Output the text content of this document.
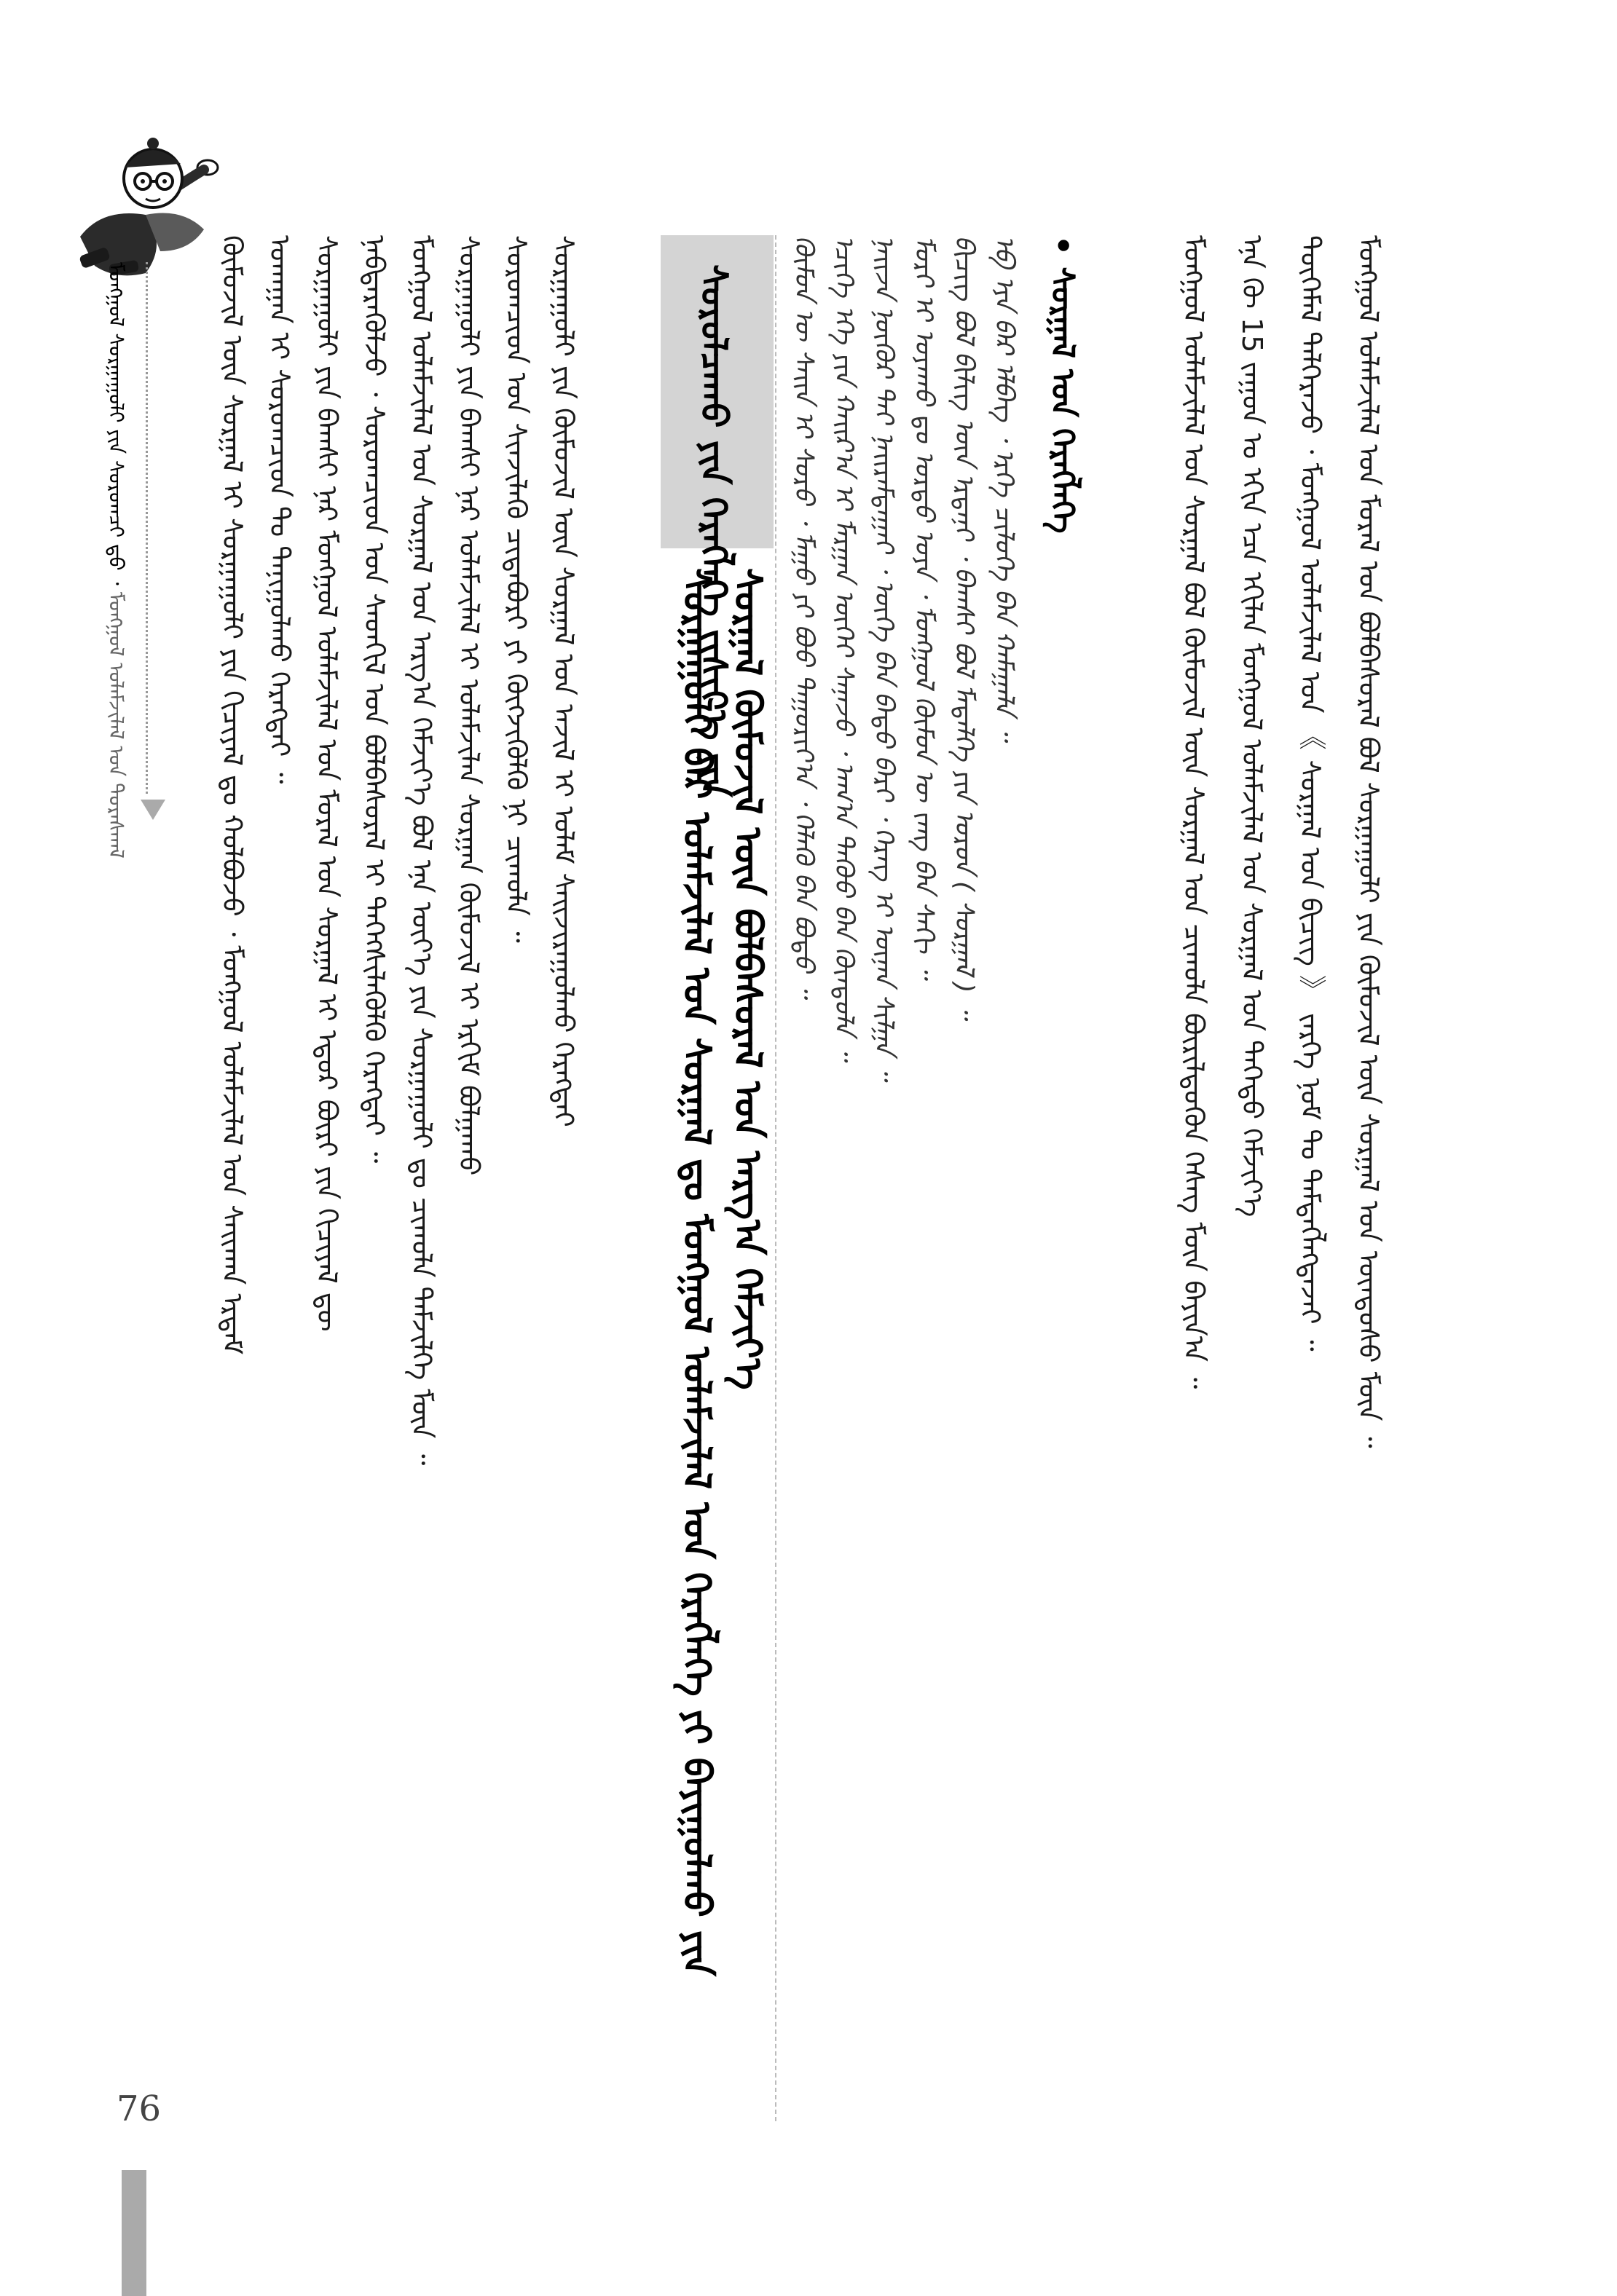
ᠮᠣᠩᠭᠣᠯ ᠰᠤᠷᠭᠠᠭᠤᠯᠢ ᠶᠢᠨ ᠰᠤᠷᠤᠭᠴᠢ ᠳ᠋ᠤ ᠂ ᠮᠣᠩᠭᠣᠯ ᠤᠯᠠᠮᠵᠢᠯᠠᠯ ᠤᠨ ᠳᠤᠷᠠᠰᠬᠠᠯ	ᠬᠦᠮᠦᠵᠢᠯ ᠦᠨ ᠰᠤᠷᠭᠠᠯ ᠢ ᠰᠤᠷᠭᠠᠭᠤᠯᠢ ᠶᠢᠨ ᠬᠢᠴᠢᠶᠡᠯ ᠳᠤ ᠬᠣᠯᠪᠣᠵᠤ ᠂ ᠮᠣᠩᠭᠣᠯ ᠤᠯᠠᠮᠵᠢᠯᠠᠯ ᠤᠨ ᠰᠠᠢᠬᠠᠨ ᠡᠷᠳᠡᠮ ᠤᠬᠠᠭᠠᠨ ᠢ ᠰᠤᠷᠤᠭᠴᠢᠳ ᠲᠤ ᠲᠠᠨᠢᠭᠤᠯᠬᠤ ᠬᠡᠷᠡᠭᠲᠡᠢ ᠃ ᠰᠤᠷᠭᠠᠭᠤᠯᠢ ᠶᠢᠨ ᠪᠠᠭᠰᠢ ᠨᠠᠷ ᠮᠣᠩᠭᠣᠯ ᠤᠯᠠᠮᠵᠢᠯᠠᠯ ᠤᠨ ᠮᠣᠷᠠᠯ ᠤᠨ ᠰᠤᠷᠭᠠᠯ ᠢ ᠡᠳᠦᠷ ᠪᠦᠷᠢ ᠶᠢᠨ ᠬᠢᠴᠢᠶᠡᠯ ᠳᠦ ᠨᠡᠪᠲᠡᠷᠡᠭᠦᠯᠵᠦ ᠂ ᠰᠤᠷᠤᠭᠴᠢᠳ ᠤᠨ ᠰᠡᠳᠬᠢᠯ ᠤᠨ ᠪᠣᠯᠪᠠᠰᠤᠷᠠᠯ ᠢ ᠳᠡᠭᠡᠭ᠌ᠰᠢᠯᠡᠭᠦᠯᠬᠦ ᠬᠡᠷᠡᠭᠲᠡᠢ ᠃ ᠮᠣᠩᠭᠣᠯ ᠤᠯᠠᠮᠵᠢᠯᠠᠯ ᠤᠨ ᠰᠤᠷᠭᠠᠯ ᠤᠨ ᠠᠷᠭ᠎ᠠ ᠬᠡᠮᠵᠢᠶ᠎ᠡ ᠪᠣᠯ ᠡᠨᠡ ᠦᠶ᠎ᠡ ᠶᠢᠨ ᠰᠤᠷᠭᠠᠭᠤᠯᠢ ᠳᠤ ᠴᠢᠬᠤᠯᠠ ᠳᠡᠮᠵᠢᠯᠭᠡ ᠮᠥᠨ ᠃ ᠰᠤᠷᠭᠠᠭᠤᠯᠢ ᠶᠢᠨ ᠪᠠᠭᠰᠢ ᠨᠠᠷ ᠤᠯᠠᠮᠵᠢᠯᠠᠯ ᠢ ᠤᠯᠠᠮᠵᠢᠯᠠᠨ ᠰᠤᠷᠭᠠᠨ ᠬᠥᠮᠦᠵᠢᠯ ᠢ ᠡᠷᠬᠢᠮ ᠪᠣᠯᠭᠠᠬᠤ ᠰᠤᠷᠤᠭᠴᠢᠳ ᠤᠨ ᠰᠢᠨᠵᠢᠯᠡᠬᠦ ᠴᠢᠳᠠᠪᠤᠷᠢ ᠶᠢ ᠬᠥᠭᠵᠢᠭᠦᠯᠬᠦ ᠨᠢ ᠴᠢᠬᠤᠯᠠ ᠃ ᠰᠤᠷᠭᠠᠭᠤᠯᠢ ᠶᠢᠨ ᠬᠦᠮᠦᠵᠢᠯ ᠦᠨ ᠰᠤᠷᠭᠠᠯ ᠤᠨ ᠠᠵᠢᠯ ᠢ ᠤᠯᠠᠮ ᠰᠠᠢᠵᠢᠷᠠᠭᠤᠯᠬᠤ ᠬᠡᠷᠡᠭᠲᠡᠢ	ᠰᠤᠷᠤᠯᠴᠠᠬᠤ ᠶᠢᠨ ᠬᠡᠷᠡᠭᠯᠡᠭᠡ ᠵᠢᠱᠢᠶ᠎ᠡ ᠶᠢᠨ
ᠰᠤᠷᠭᠠᠭᠤᠯᠢ ᠪᠠᠷ ᠤᠯᠠᠮᠵᠢᠯᠠᠯ ᠤᠨ ᠰᠤᠷᠭᠠᠯ ᠳᠤ ᠮᠣᠩᠭᠣᠯ ᠤᠯᠠᠮᠵᠢᠯᠠᠯ ᠤᠨ ᠬᠡᠷᠡᠭᠯᠡᠭᠡ ᠶᠢ ᠪᠠᠶᠢᠭᠤᠯᠬᠤ ᠶᠢᠨ ᠰᠤᠷᠭᠠᠯ ᠬᠦᠮᠦᠵᠢᠯ ᠦᠨ ᠪᠣᠯᠪᠠᠰᠤᠷᠠᠯ ᠤᠨ ᠠᠷᠭ᠎ᠠ ᠬᠡᠮᠵᠢᠶ᠎ᠡ ᠬᠦᠮᠦᠨ ᠦ ᠰᠠᠢᠨ ᠢ ᠰᠤᠷᠤ ᠂ ᠮᠠᠭᠤ ᠶᠢ ᠪᠤᠤ ᠳᠠᠭᠤᠷᠢᠶ᠎ᠠ ᠂ ᠬᠡᠯᠡᠬᠦ ᠪᠡᠨ ᠪᠣᠳᠣ ᠃ ᠡᠴᠢᠭᠡ ᠡᠬᠡ ᠶᠢᠨ ᠬᠠᠢᠷ᠎ᠠ ᠢ ᠮᠠᠷᠭᠠᠨ ᠦᠭᠡᠢ ᠰᠠᠨᠠᠵᠤ ᠂ ᠠᠬ᠎ᠠ ᠳᠡᠭᠦᠦ ᠪᠡᠨ ᠬᠦᠨᠳᠦᠯᠡ ᠃ ᠨᠠᠢᠵᠠ ᠨᠥᠬᠦᠷ ᠲᠠᠢ ᠨᠠᠢᠷᠠᠮᠳᠠᠭᠠᠢ ᠂ ᠦᠭᠡ ᠪᠡᠨ ᠪᠠᠲᠤ ᠪᠠᠷᠢ ᠂ ᠬᠡᠷᠡᠭ ᠢ ᠦᠨᠡᠨ ᠰᠢᠯᠭᠠ ᠃ ᠮᠣᠷᠢ ᠢ ᠤᠶᠠᠬᠤ ᠳᠤ ᠤᠷᠲᠤ ᠤᠶᠠ ᠂ ᠮᠣᠩᠭᠣᠯ ᠬᠦᠮᠦᠨ ᠦ ᠵᠠᠩ ᠪᠡᠨ ᠰᠠᠬᠢ ᠃ ᠪᠢᠴᠢᠭ ᠪᠣᠯ ᠪᠢᠯᠢᠭ ᠦᠨ ᠡᠷᠳᠡᠨᠢ ᠂ ᠪᠠᠭᠰᠢ ᠪᠣᠯ ᠮᠡᠳᠡᠯᠭᠡ ᠶᠢᠨ ᠣᠷᠣᠨ ( ᠰᠤᠷᠭᠠᠯ ) ᠃ ᠡᠪ ᠡᠶᠡ ᠪᠡᠷ ᠡᠯᠪᠡᠭ ᠂ ᠡᠷᠬᠡ ᠴᠢᠯᠥᠭᠡ ᠪᠡᠨ ᠬᠠᠮᠠᠭᠠᠯᠠ ᠃ • ᠰᠤᠷᠭᠠᠯ ᠤᠨ ᠬᠡᠷᠡᠭᠯᠡᠭᠡ	ᠮᠣᠩᠭᠣᠯ ᠤᠯᠠᠮᠵᠢᠯᠠᠯ ᠤᠨ ᠰᠤᠷᠭᠠᠯ ᠪᠣᠯ ᠬᠦᠮᠦᠵᠢᠯ ᠦᠨ ᠰᠤᠷᠭᠠᠯ ᠤᠨ ᠴᠢᠬᠤᠯᠠ ᠪᠦᠷᠢᠯᠳᠦᠬᠦᠨ ᠬᠡᠰᠡᠭ ᠮᠥᠨ ᠪᠠᠶᠢᠨ᠎ᠠ ᠃ ᠡᠨᠡ ᠬᠦ 15 ᠵᠠᠭᠤᠨ ᠤ ᠡᠬᠢᠨ ᠡᠴᠡ ᠡᠬᠢᠯᠡᠨ ᠮᠣᠩᠭᠣᠯ ᠤᠯᠠᠮᠵᠢᠯᠠᠯ ᠤᠨ ᠰᠤᠷᠭᠠᠯ ᠤᠨ ᠳᠡᠭᠡᠳᠦ ᠬᠡᠮᠵᠢᠶ᠎ᠡ ᠲᠦᠭᠡᠮᠡᠯ ᠳᠡᠯᠭᠡᠷᠡᠵᠦ ᠂ ᠮᠣᠩᠭᠣᠯ ᠤᠯᠠᠮᠵᠢᠯᠠᠯ ᠤᠨ 《 ᠰᠤᠷᠭᠠᠯ ᠤᠨ ᠪᠢᠴᠢᠭ 》 ᠵᠡᠷᠭᠡ ᠨᠣᠮ ᠲᠤ ᠲᠡᠮᠳᠡᠭᠯᠡᠭᠳᠡᠵᠡᠢ ᠃ ᠮᠣᠩᠭᠣᠯ ᠤᠯᠠᠮᠵᠢᠯᠠᠯ ᠤᠨ ᠮᠣᠷᠠᠯ ᠤᠨ ᠪᠣᠯᠪᠠᠰᠤᠷᠠᠯ ᠪᠣᠯ ᠰᠤᠷᠭᠠᠭᠤᠯᠢ ᠶᠢᠨ ᠬᠦᠮᠦᠵᠢᠯ ᠦᠨ ᠰᠤᠷᠭᠠᠯ ᠤᠨ ᠦᠨᠳᠦᠰᠦ ᠮᠥᠨ ᠃
76
